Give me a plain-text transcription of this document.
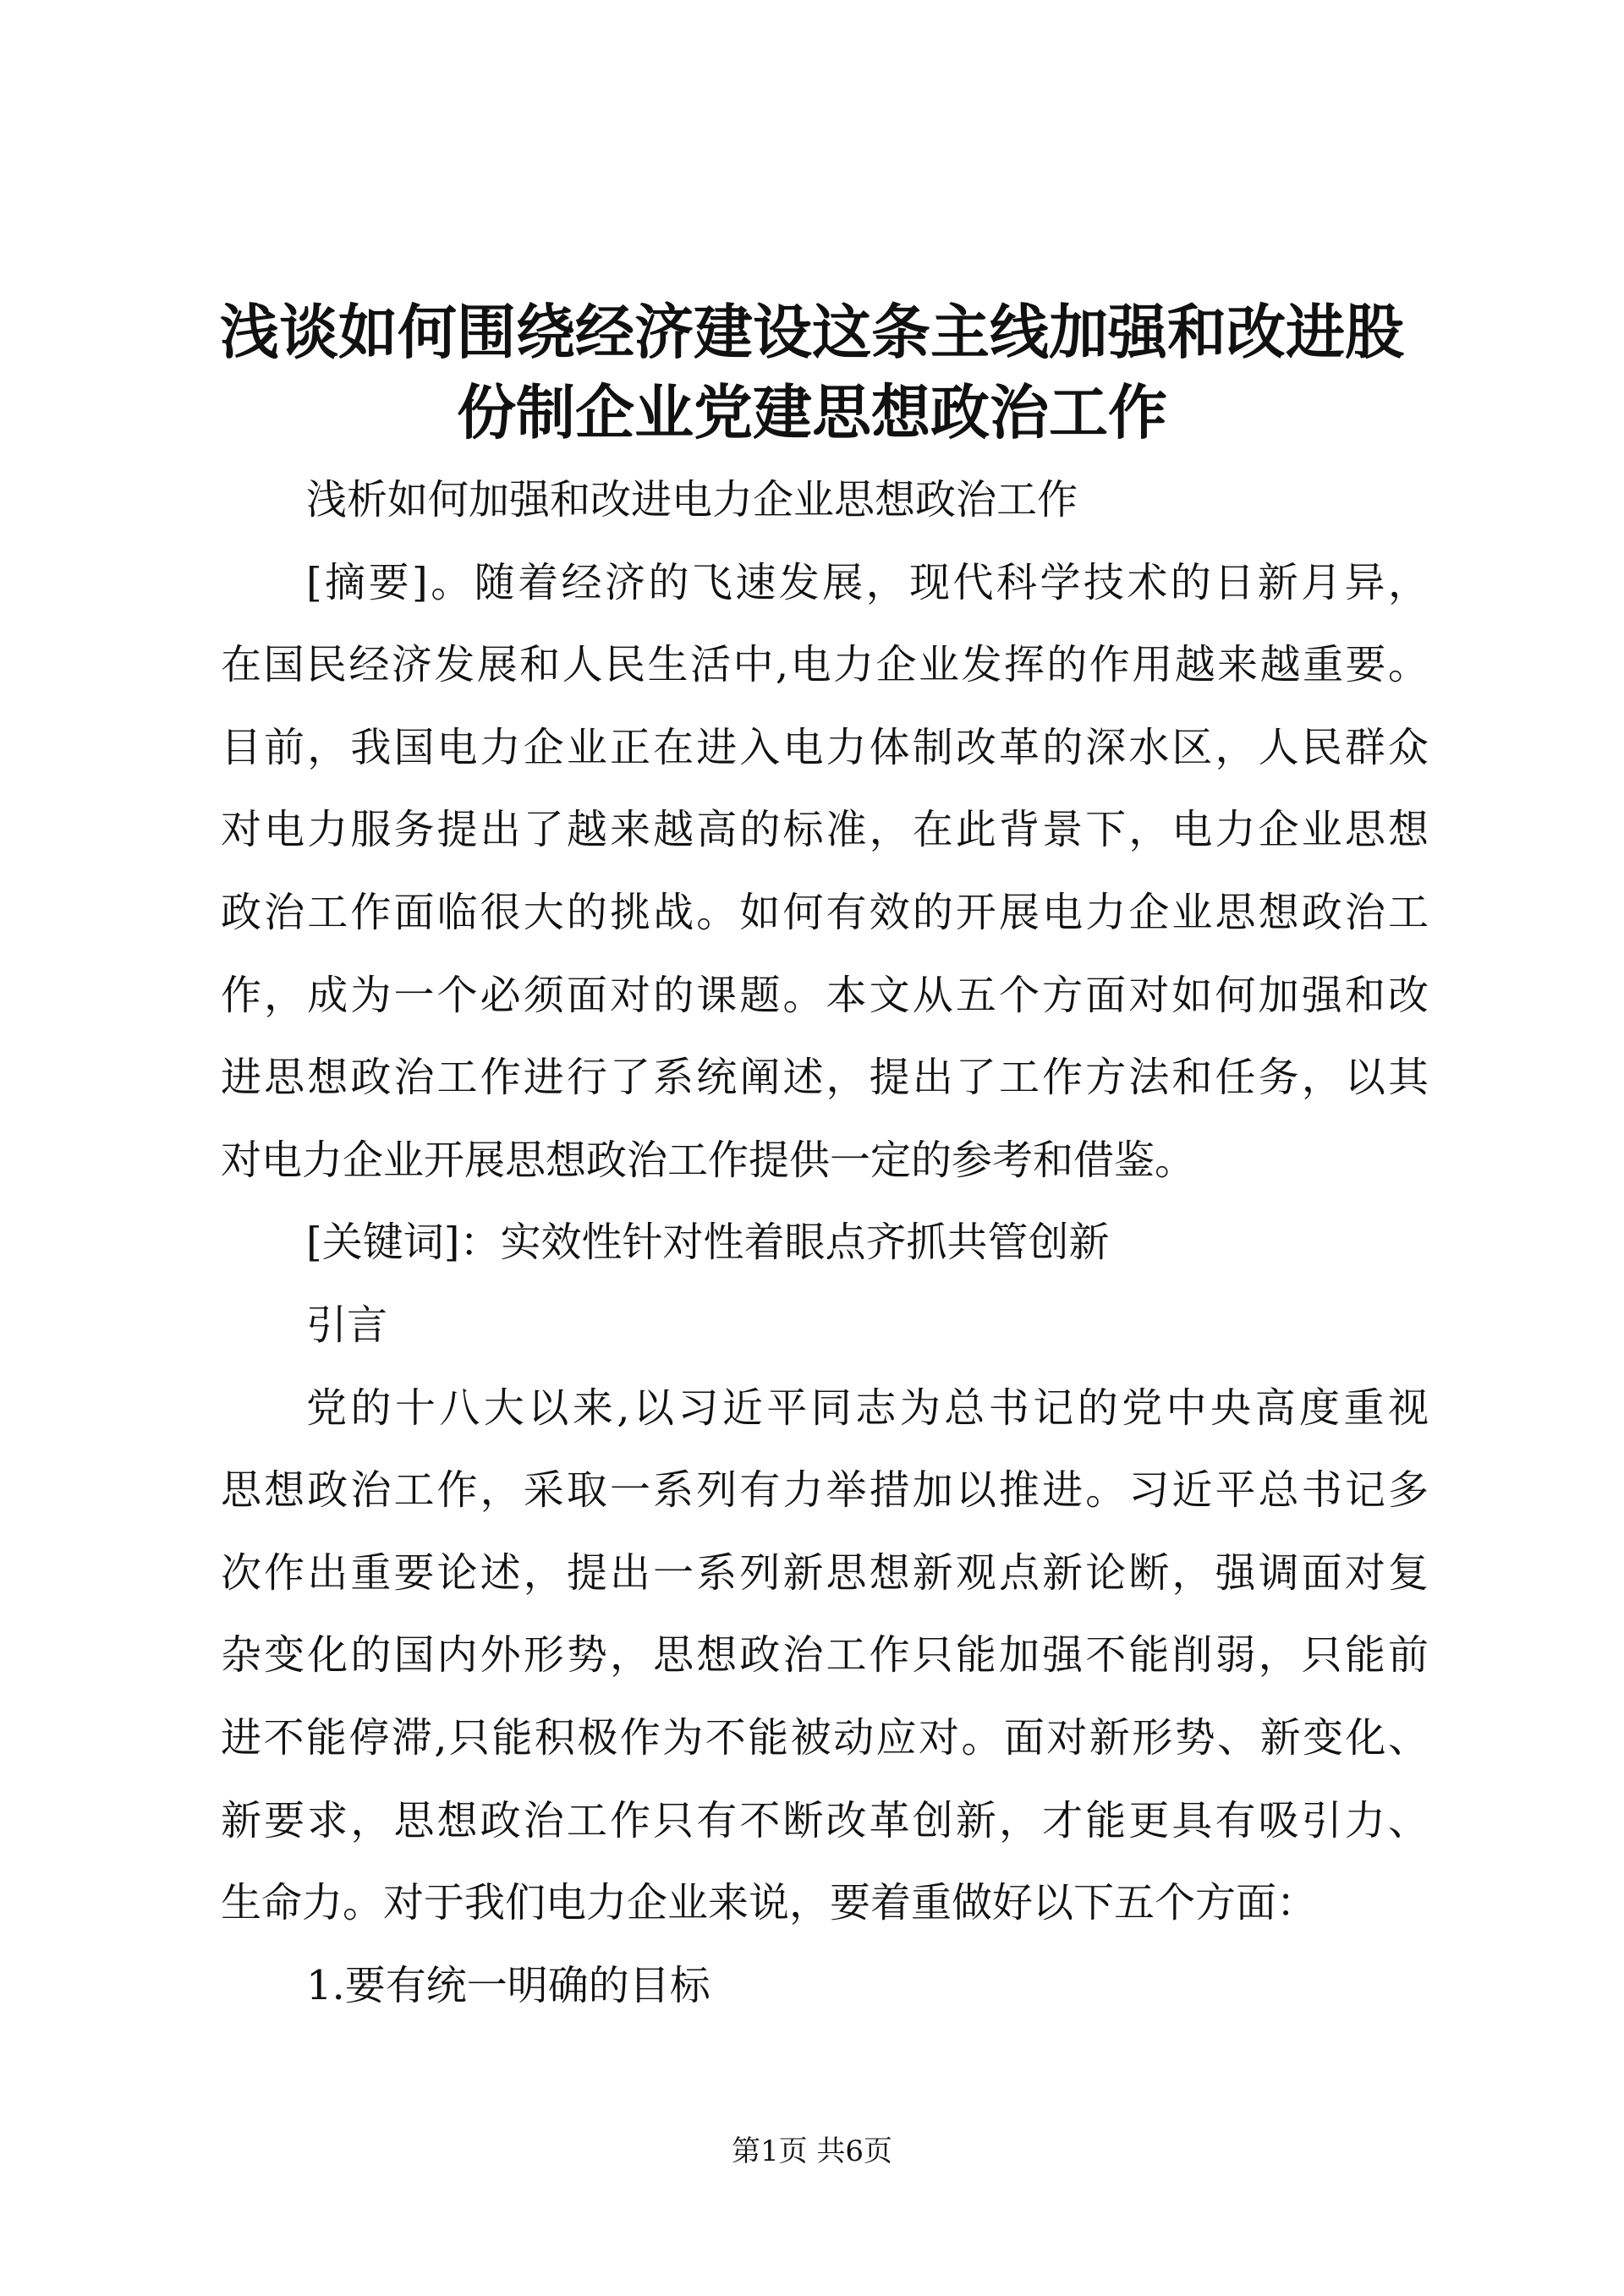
浅谈如何围绕经济建设这条主线加强和改进股
份制企业党建思想政治工作
浅析如何加强和改进电力企业思想政治工作
[摘要]。随着经济的飞速发展，现代科学技术的日新月异，
在国民经济发展和人民生活中,电力企业发挥的作用越来越重要。
目前，我国电力企业正在进入电力体制改革的深水区，人民群众
对电力服务提出了越来越高的标准，在此背景下，电力企业思想
政治工作面临很大的挑战。如何有效的开展电力企业思想政治工
作，成为一个必须面对的课题。本文从五个方面对如何加强和改
进思想政治工作进行了系统阐述，提出了工作方法和任务，以其
对电力企业开展思想政治工作提供一定的参考和借鉴。
[关键词]：实效性针对性着眼点齐抓共管创新
引言
党的十八大以来,以习近平同志为总书记的党中央高度重视
思想政治工作，采取一系列有力举措加以推进。习近平总书记多
次作出重要论述，提出一系列新思想新观点新论断，强调面对复
杂变化的国内外形势，思想政治工作只能加强不能削弱，只能前
进不能停滞,只能积极作为不能被动应对。面对新形势、新变化、
新要求，思想政治工作只有不断改革创新，才能更具有吸引力、
生命力。对于我们电力企业来说，要着重做好以下五个方面：
1.要有统一明确的目标
第1页 共6页
